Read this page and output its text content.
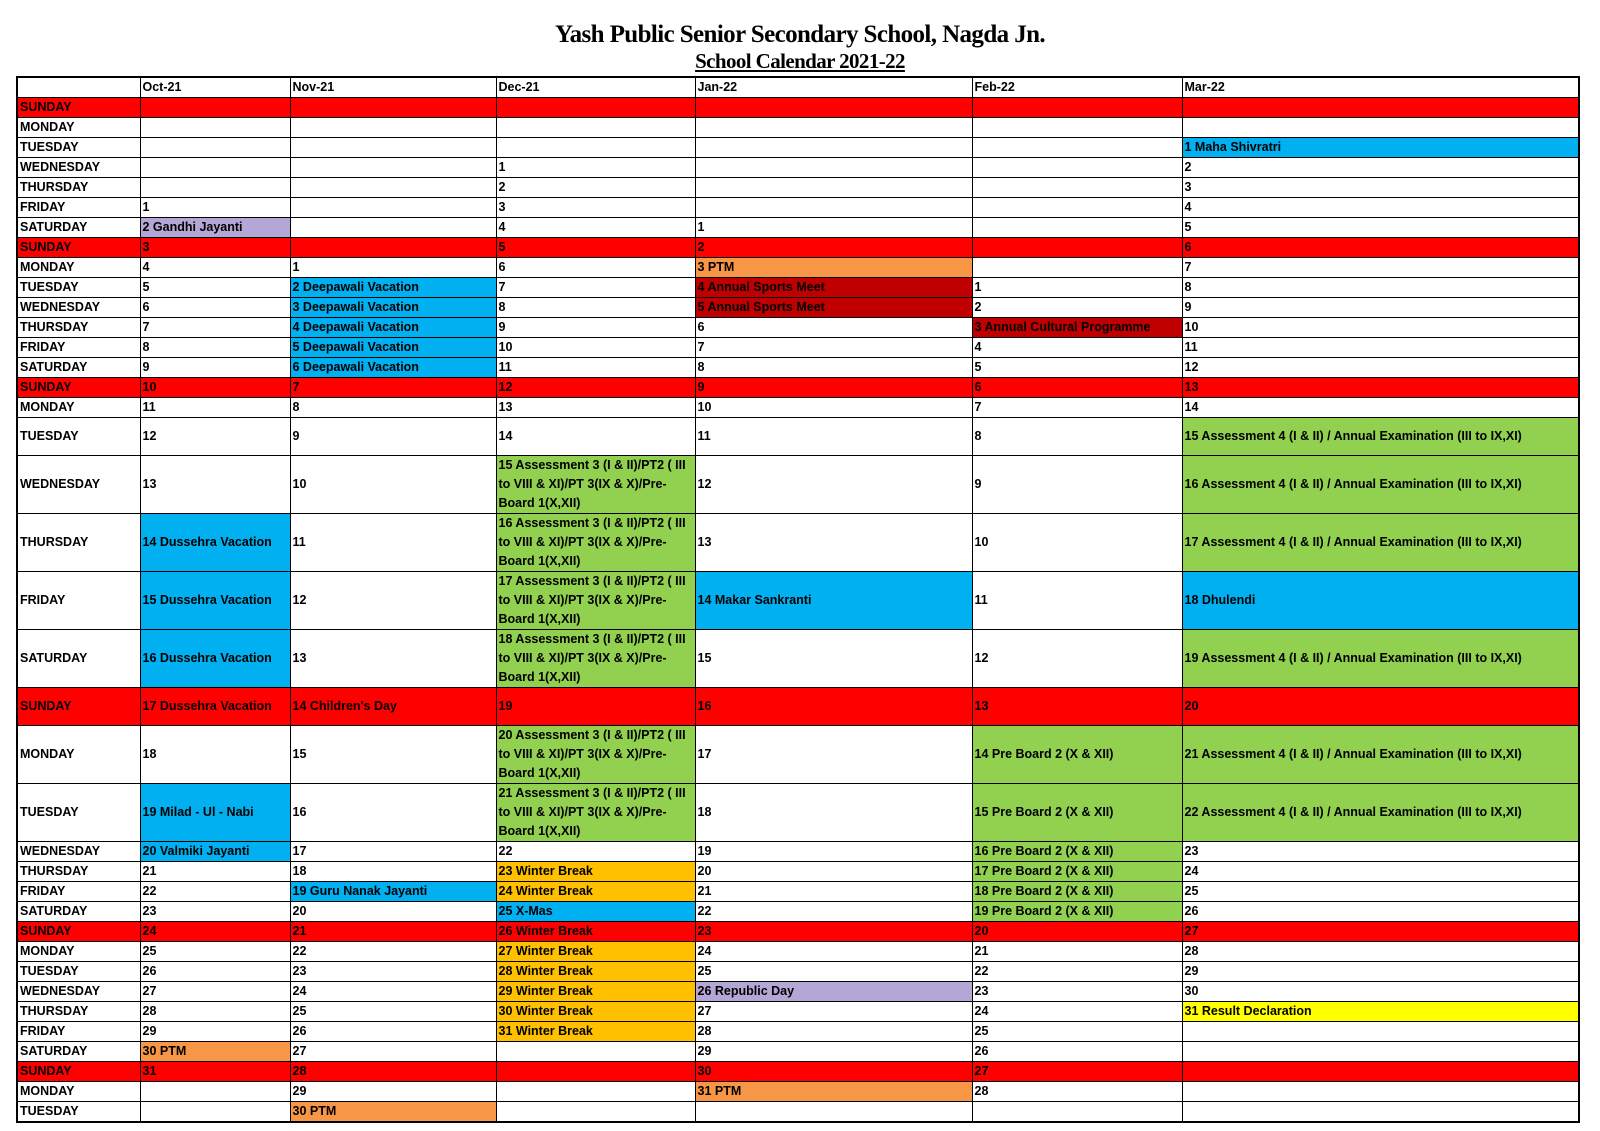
Yash Public Senior Secondary School, Nagda Jn.
School Calendar 2021-22
	Oct-21	Nov-21	Dec-21	Jan-22	Feb-22	Mar-22
SUNDAY						
MONDAY						
TUESDAY						1 Maha Shivratri
WEDNESDAY			1			2
THURSDAY			2			3
FRIDAY	1		3			4
SATURDAY	2 Gandhi Jayanti		4	1		5
SUNDAY	3		5	2		6
MONDAY	4	1	6	3 PTM		7
TUESDAY	5	2 Deepawali Vacation	7	4 Annual Sports Meet	1	8
WEDNESDAY	6	3 Deepawali Vacation	8	5 Annual Sports Meet	2	9
THURSDAY	7	4 Deepawali Vacation	9	6	3 Annual Cultural Programme	10
FRIDAY	8	5 Deepawali Vacation	10	7	4	11
SATURDAY	9	6 Deepawali Vacation	11	8	5	12
SUNDAY	10	7	12	9	6	13
MONDAY	11	8	13	10	7	14
TUESDAY	12	9	14	11	8	15 Assessment 4 (I & II) / Annual Examination (III to IX,XI)
WEDNESDAY	13	10	15 Assessment 3 (I & II)/PT2 ( III to VIII & XI)/PT 3(IX & X)/Pre-Board 1(X,XII)	12	9	16 Assessment 4 (I & II) / Annual Examination (III to IX,XI)
THURSDAY	14 Dussehra Vacation	11	16 Assessment 3 (I & II)/PT2 ( III to VIII & XI)/PT 3(IX & X)/Pre-Board 1(X,XII)	13	10	17 Assessment 4 (I & II) / Annual Examination (III to IX,XI)
FRIDAY	15 Dussehra Vacation	12	17 Assessment 3 (I & II)/PT2 ( III to VIII & XI)/PT 3(IX & X)/Pre-Board 1(X,XII)	14 Makar Sankranti	11	18 Dhulendi
SATURDAY	16 Dussehra Vacation	13	18 Assessment 3 (I & II)/PT2 ( III to VIII & XI)/PT 3(IX & X)/Pre-Board 1(X,XII)	15	12	19 Assessment 4 (I & II) / Annual Examination (III to IX,XI)
SUNDAY	17 Dussehra Vacation	14 Children's Day	19	16	13	20
MONDAY	18	15	20 Assessment 3 (I & II)/PT2 ( III to VIII & XI)/PT 3(IX & X)/Pre-Board 1(X,XII)	17	14 Pre Board 2 (X & XII)	21 Assessment 4 (I & II) / Annual Examination (III to IX,XI)
TUESDAY	19 Milad - Ul - Nabi	16	21 Assessment 3 (I & II)/PT2 ( III to VIII & XI)/PT 3(IX & X)/Pre-Board 1(X,XII)	18	15 Pre Board 2 (X & XII)	22 Assessment 4 (I & II) / Annual Examination (III to IX,XI)
WEDNESDAY	20 Valmiki Jayanti	17	22	19	16 Pre Board 2 (X & XII)	23
THURSDAY	21	18	23 Winter Break	20	17 Pre Board 2 (X & XII)	24
FRIDAY	22	19 Guru Nanak Jayanti	24 Winter Break	21	18 Pre Board 2 (X & XII)	25
SATURDAY	23	20	25 X-Mas	22	19 Pre Board 2 (X & XII)	26
SUNDAY	24	21	26 Winter Break	23	20	27
MONDAY	25	22	27 Winter Break	24	21	28
TUESDAY	26	23	28 Winter Break	25	22	29
WEDNESDAY	27	24	29 Winter Break	26 Republic Day	23	30
THURSDAY	28	25	30 Winter Break	27	24	31 Result Declaration
FRIDAY	29	26	31 Winter Break	28	25	
SATURDAY	30 PTM	27		29	26	
SUNDAY	31	28		30	27	
MONDAY		29		31 PTM	28	
TUESDAY		30 PTM				
